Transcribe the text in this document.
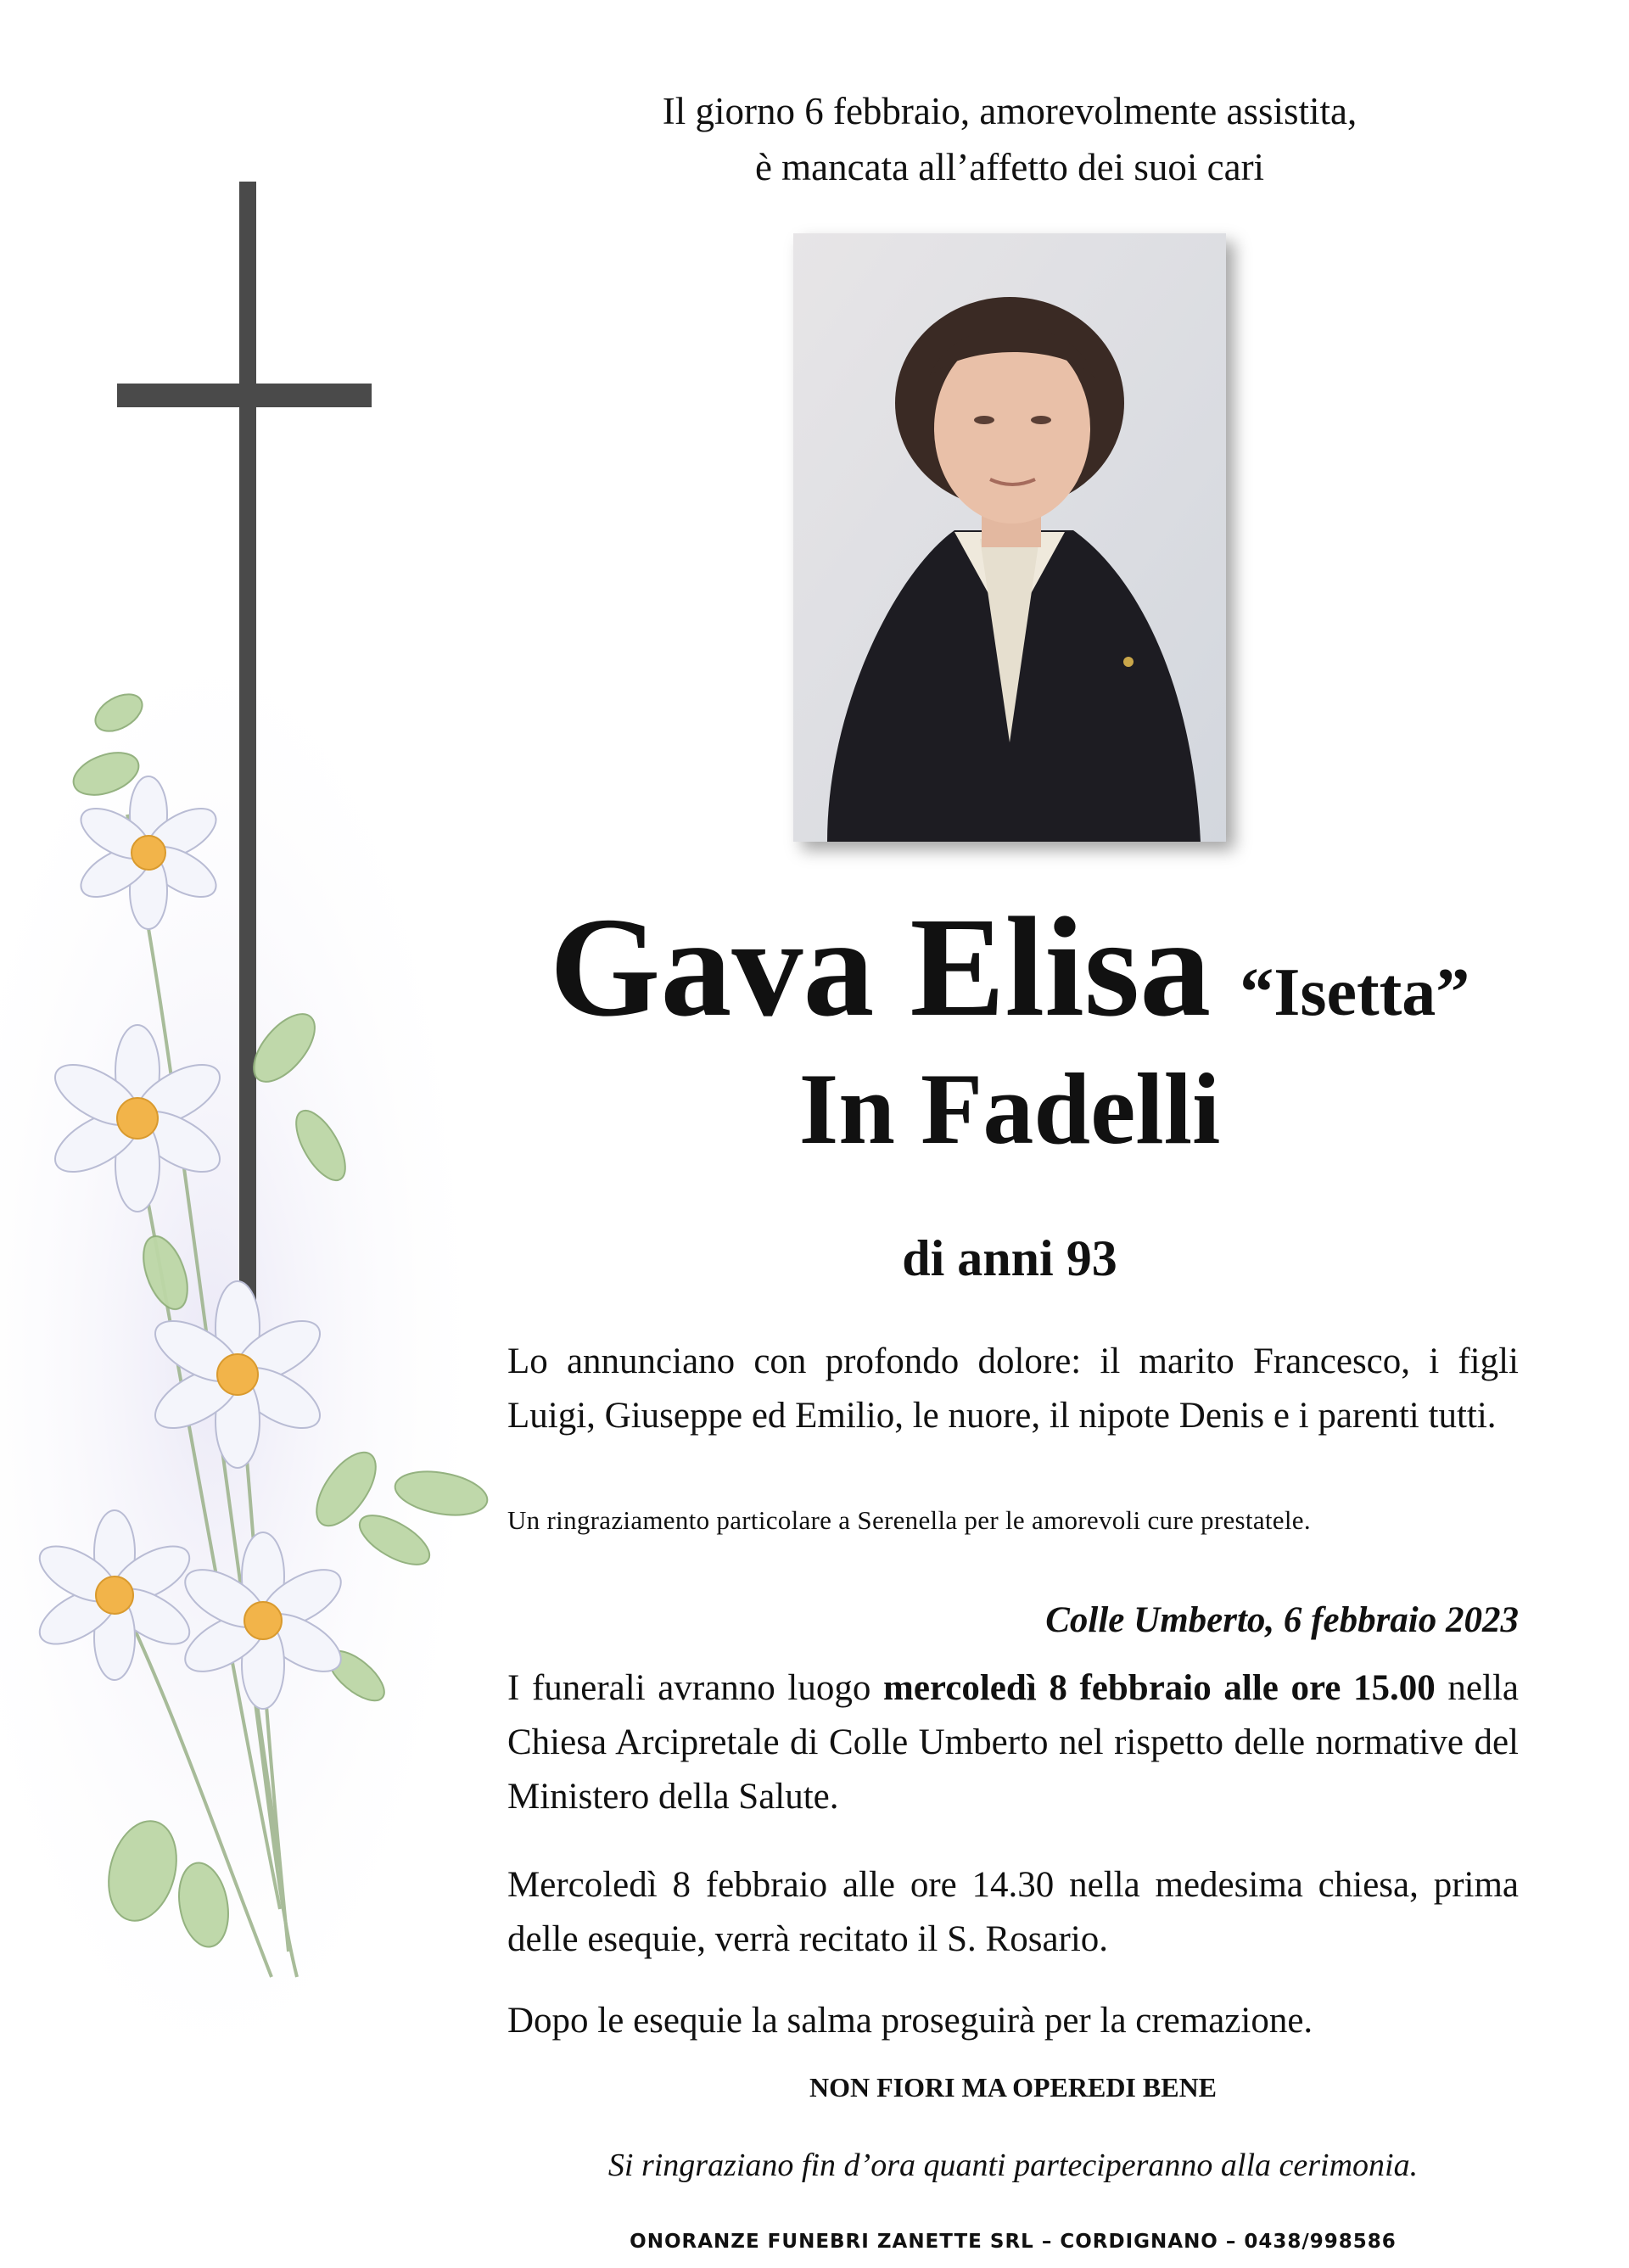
Il giorno 6 febbraio, amorevolmente assistita,
è mancata all’affetto dei suoi cari
Gava Elisa “Isetta”
In Fadelli
di anni 93
Lo annunciano con profondo dolore: il marito Francesco, i figli Luigi, Giuseppe ed Emilio, le nuore, il nipote Denis e i parenti tutti.
Un ringraziamento particolare a Serenella per le amorevoli cure prestatele.
Colle Umberto, 6 febbraio 2023
I funerali avranno luogo mercoledì 8 febbraio alle ore 15.00 nella Chiesa Arcipretale di Colle Umberto nel rispetto delle normative del Ministero della Salute.
Mercoledì 8 febbraio alle ore 14.30 nella medesima chiesa, prima delle esequie, verrà recitato il S. Rosario.
Dopo le esequie la salma proseguirà per la cremazione.
NON FIORI MA OPEREDI BENE
Si ringraziano fin d’ora quanti parteciperanno alla cerimonia.
ONORANZE FUNEBRI ZANETTE SRL – CORDIGNANO – 0438/998586
